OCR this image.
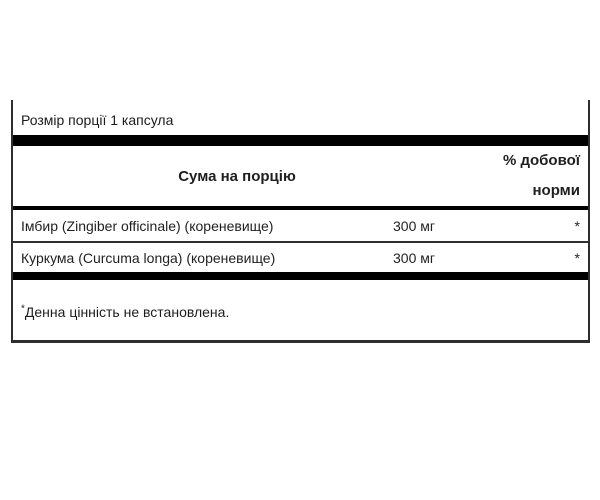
Розмір порції 1 капсула
Сума на порцію
% добової
норми
Імбир (Zingiber officinale) (кореневище)	300 мг	*
Куркума (Curcuma longa) (кореневище)	300 мг	*
*Денна цінність не встановлена.
